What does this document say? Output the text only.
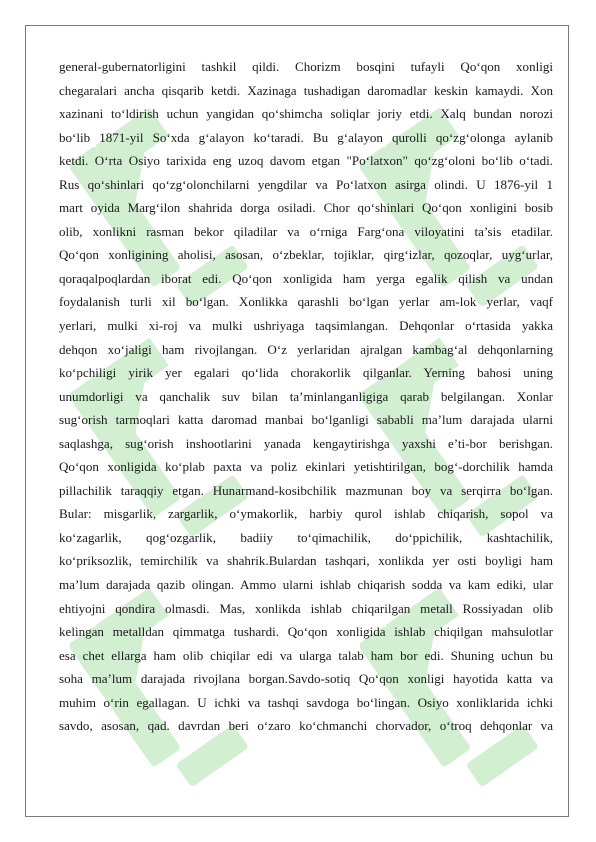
general-gubernatorligini tashkil qildi. Chorizm bosqini tufayli Qo‘qon xonligi
chegaralari ancha qisqarib ketdi. Xazinaga tushadigan daromadlar keskin kamaydi. Xon
xazinani to‘ldirish uchun yangidan qo‘shimcha soliqlar joriy etdi. Xalq bundan norozi
bo‘lib 1871-yil So‘xda g‘alayon ko‘taradi. Bu g‘alayon qurolli qo‘zg‘olonga aylanib
ketdi. O‘rta Osiyo tarixida eng uzoq davom etgan "Po‘latxon" qo‘zg‘oloni bo‘lib o‘tadi.
Rus qo‘shinlari qo‘zg‘olonchilarni yengdilar va Po‘latxon asirga olindi. U 1876-yil 1
mart oyida Marg‘ilon shahrida dorga osiladi. Chor qo‘shinlari Qo‘qon xonligini bosib
olib, xonlikni rasman bekor qiladilar va o‘rniga Farg‘ona viloyatini ta’sis etadilar.
Qo‘qon xonligining aholisi, asosan, o‘zbeklar, tojiklar, qirg‘izlar, qozoqlar, uyg‘urlar,
qoraqalpoqlardan iborat edi. Qo‘qon xonligida ham yerga egalik qilish va undan
foydalanish turli xil bo‘lgan. Xonlikka qarashli bo‘lgan yerlar am-lok yerlar, vaqf
yerlari, mulki xi-roj va mulki ushriyaga taqsimlangan. Dehqonlar o‘rtasida yakka
dehqon xo‘jaligi ham rivojlangan. O‘z yerlaridan ajralgan kambag‘al dehqonlarning
ko‘pchiligi yirik yer egalari qo‘lida chorakorlik qilganlar. Yerning bahosi uning
unumdorligi va qanchalik suv bilan ta’minlanganligiga qarab belgilangan. Xonlar
sug‘orish tarmoqlari katta daromad manbai bo‘lganligi sababli ma’lum darajada ularni
saqlashga, sug‘orish inshootlarini yanada kengaytirishga yaxshi e’ti-bor berishgan.
Qo‘qon xonligida ko‘plab paxta va poliz ekinlari yetishtirilgan, bog‘-dorchilik hamda
pillachilik taraqqiy etgan. Hunarmand-kosibchilik mazmunan boy va serqirra bo‘lgan.
Bular: misgarlik, zargarlik, o‘ymakorlik, harbiy qurol ishlab chiqarish, sopol va
ko‘zagarlik, qog‘ozgarlik, badiiy to‘qimachilik, do‘ppichilik, kashtachilik,
ko‘priksozlik, temirchilik va shahrik.Bulardan tashqari, xonlikda yer osti boyligi ham
ma’lum darajada qazib olingan. Ammo ularni ishlab chiqarish sodda va kam ediki, ular
ehtiyojni qondira olmasdi. Mas, xonlikda ishlab chiqarilgan metall Rossiyadan olib
kelingan metalldan qimmatga tushardi. Qo‘qon xonligida ishlab chiqilgan mahsulotlar
esa chet ellarga ham olib chiqilar edi va ularga talab ham bor edi. Shuning uchun bu
soha ma’lum darajada rivojlana borgan.Savdo-sotiq Qo‘qon xonligi hayotida katta va
muhim o‘rin egallagan. U ichki va tashqi savdoga bo‘lingan. Osiyo xonliklarida ichki
savdo, asosan, qad. davrdan beri o‘zaro ko‘chmanchi chorvador, o‘troq dehqonlar va
